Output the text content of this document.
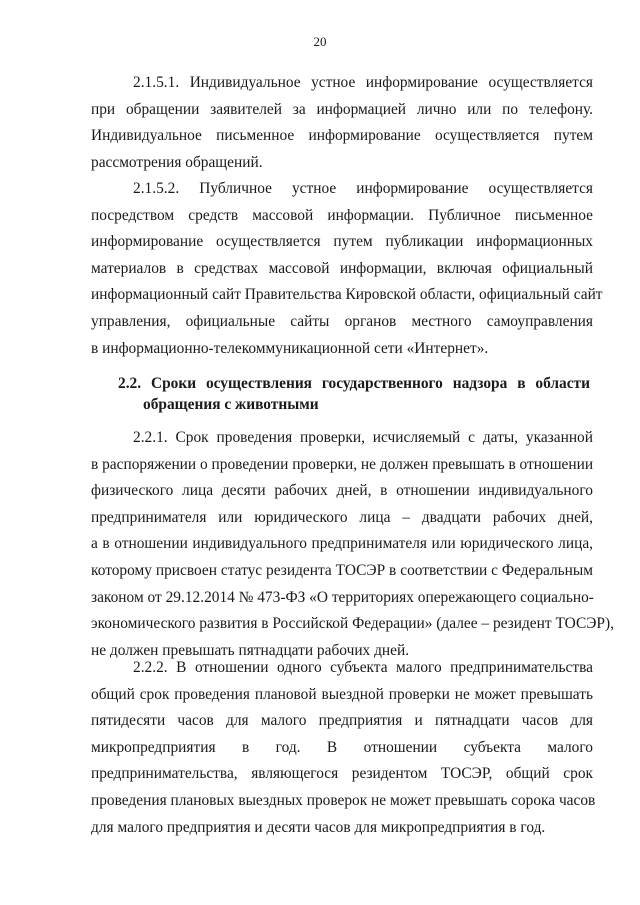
20
2.1.5.1. Индивидуальное устное информирование осуществляется
при обращении заявителей за информацией лично или по телефону.
Индивидуальное письменное информирование осуществляется путем
рассмотрения обращений.
2.1.5.2. Публичное устное информирование осуществляется
посредством средств массовой информации. Публичное письменное
информирование осуществляется путем публикации информационных
материалов в средствах массовой информации, включая официальный
информационный сайт Правительства Кировской области, официальный сайт
управления, официальные сайты органов местного самоуправления
в информационно-телекоммуникационной сети «Интернет».
2.2. Сроки осуществления государственного надзора в области
обращения с животными
2.2.1. Срок проведения проверки, исчисляемый с даты, указанной
в распоряжении о проведении проверки, не должен превышать в отношении
физического лица десяти рабочих дней, в отношении индивидуального
предпринимателя или юридического лица – двадцати рабочих дней,
а в отношении индивидуального предпринимателя или юридического лица,
которому присвоен статус резидента ТОСЭР в соответствии с Федеральным
законом от 29.12.2014 № 473-ФЗ «О территориях опережающего социально-
экономического развития в Российской Федерации» (далее – резидент ТОСЭР),
не должен превышать пятнадцати рабочих дней.
2.2.2. В отношении одного субъекта малого предпринимательства
общий срок проведения плановой выездной проверки не может превышать
пятидесяти часов для малого предприятия и пятнадцати часов для
микропредприятия в год. В отношении субъекта малого
предпринимательства, являющегося резидентом ТОСЭР, общий срок
проведения плановых выездных проверок не может превышать сорока часов
для малого предприятия и десяти часов для микропредприятия в год.
